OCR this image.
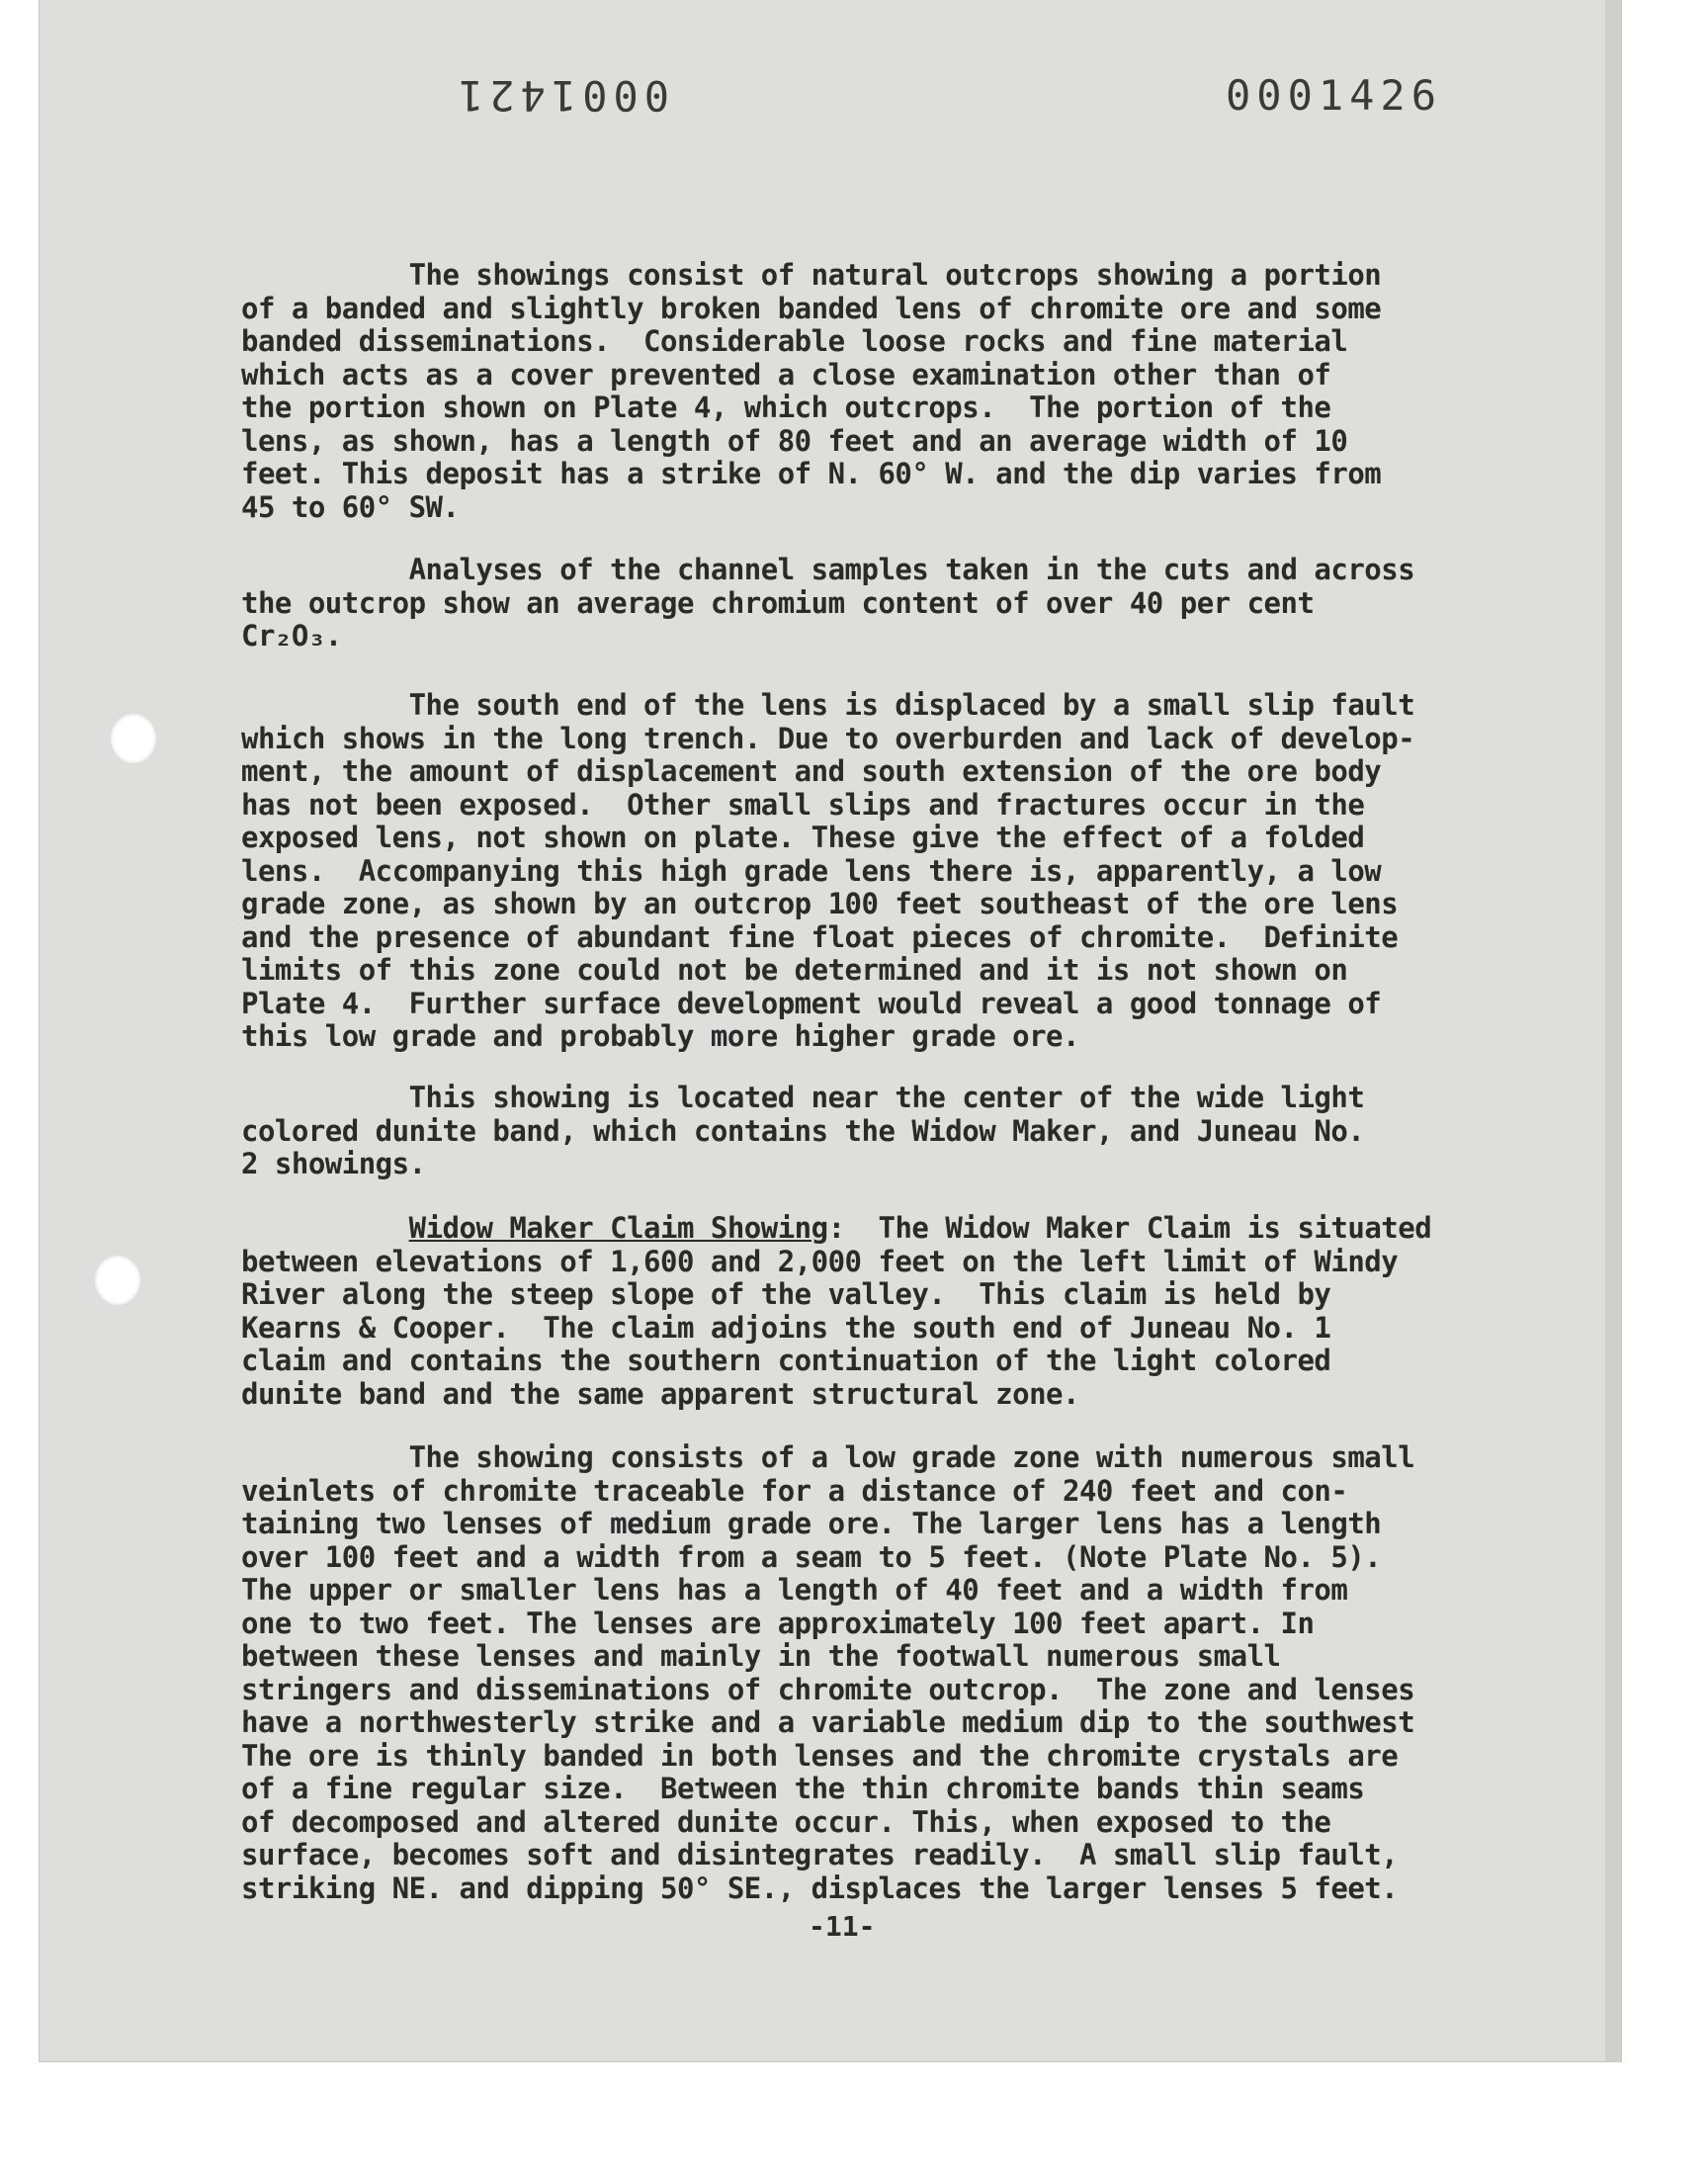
0001421	0001426
The showings consist of natural outcrops showing a portion
of a banded and slightly broken banded lens of chromite ore and some
banded disseminations.  Considerable loose rocks and fine material
which acts as a cover prevented a close examination other than of
the portion shown on Plate 4, which outcrops.  The portion of the
lens, as shown, has a length of 80 feet and an average width of 10
feet. This deposit has a strike of N. 60° W. and the dip varies from
45 to 60° SW.
Analyses of the channel samples taken in the cuts and across
the outcrop show an average chromium content of over 40 per cent
Cr₂O₃.
The south end of the lens is displaced by a small slip fault
which shows in the long trench. Due to overburden and lack of develop-
ment, the amount of displacement and south extension of the ore body
has not been exposed.  Other small slips and fractures occur in the
exposed lens, not shown on plate. These give the effect of a folded
lens.  Accompanying this high grade lens there is, apparently, a low
grade zone, as shown by an outcrop 100 feet southeast of the ore lens
and the presence of abundant fine float pieces of chromite.  Definite
limits of this zone could not be determined and it is not shown on
Plate 4.  Further surface development would reveal a good tonnage of
this low grade and probably more higher grade ore.
This showing is located near the center of the wide light
colored dunite band, which contains the Widow Maker, and Juneau No.
2 showings.
Widow Maker Claim Showing:  The Widow Maker Claim is situated
between elevations of 1,600 and 2,000 feet on the left limit of Windy
River along the steep slope of the valley.  This claim is held by
Kearns & Cooper.  The claim adjoins the south end of Juneau No. 1
claim and contains the southern continuation of the light colored
dunite band and the same apparent structural zone.
The showing consists of a low grade zone with numerous small
veinlets of chromite traceable for a distance of 240 feet and con-
taining two lenses of medium grade ore. The larger lens has a length
over 100 feet and a width from a seam to 5 feet. (Note Plate No. 5).
The upper or smaller lens has a length of 40 feet and a width from
one to two feet. The lenses are approximately 100 feet apart. In
between these lenses and mainly in the footwall numerous small
stringers and disseminations of chromite outcrop.  The zone and lenses
have a northwesterly strike and a variable medium dip to the southwest
The ore is thinly banded in both lenses and the chromite crystals are
of a fine regular size.  Between the thin chromite bands thin seams
of decomposed and altered dunite occur. This, when exposed to the
surface, becomes soft and disintegrates readily.  A small slip fault,
striking NE. and dipping 50° SE., displaces the larger lenses 5 feet.
-11-
